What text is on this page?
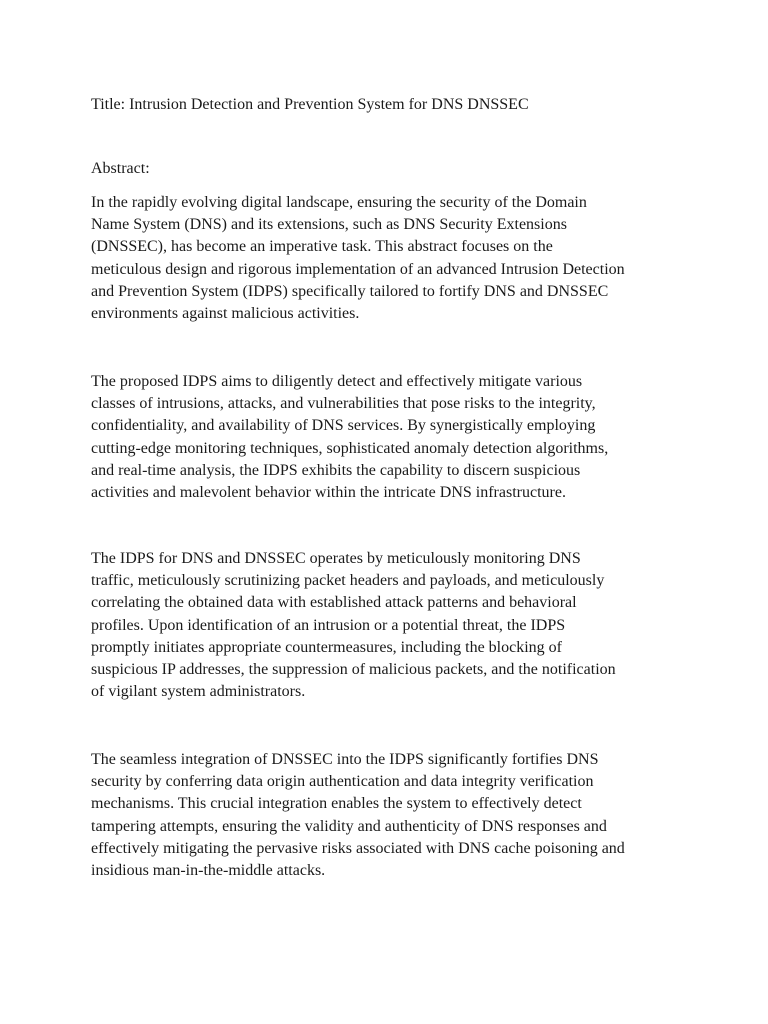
Title: Intrusion Detection and Prevention System for DNS DNSSEC

Abstract:

In the rapidly evolving digital landscape, ensuring the security of the Domain
Name System (DNS) and its extensions, such as DNS Security Extensions
(DNSSEC), has become an imperative task. This abstract focuses on the
meticulous design and rigorous implementation of an advanced Intrusion Detection
and Prevention System (IDPS) specifically tailored to fortify DNS and DNSSEC
environments against malicious activities.

The proposed IDPS aims to diligently detect and effectively mitigate various
classes of intrusions, attacks, and vulnerabilities that pose risks to the integrity,
confidentiality, and availability of DNS services. By synergistically employing
cutting-edge monitoring techniques, sophisticated anomaly detection algorithms,
and real-time analysis, the IDPS exhibits the capability to discern suspicious
activities and malevolent behavior within the intricate DNS infrastructure.

The IDPS for DNS and DNSSEC operates by meticulously monitoring DNS
traffic, meticulously scrutinizing packet headers and payloads, and meticulously
correlating the obtained data with established attack patterns and behavioral
profiles. Upon identification of an intrusion or a potential threat, the IDPS
promptly initiates appropriate countermeasures, including the blocking of
suspicious IP addresses, the suppression of malicious packets, and the notification
of vigilant system administrators.

The seamless integration of DNSSEC into the IDPS significantly fortifies DNS
security by conferring data origin authentication and data integrity verification
mechanisms. This crucial integration enables the system to effectively detect
tampering attempts, ensuring the validity and authenticity of DNS responses and
effectively mitigating the pervasive risks associated with DNS cache poisoning and
insidious man-in-the-middle attacks.
